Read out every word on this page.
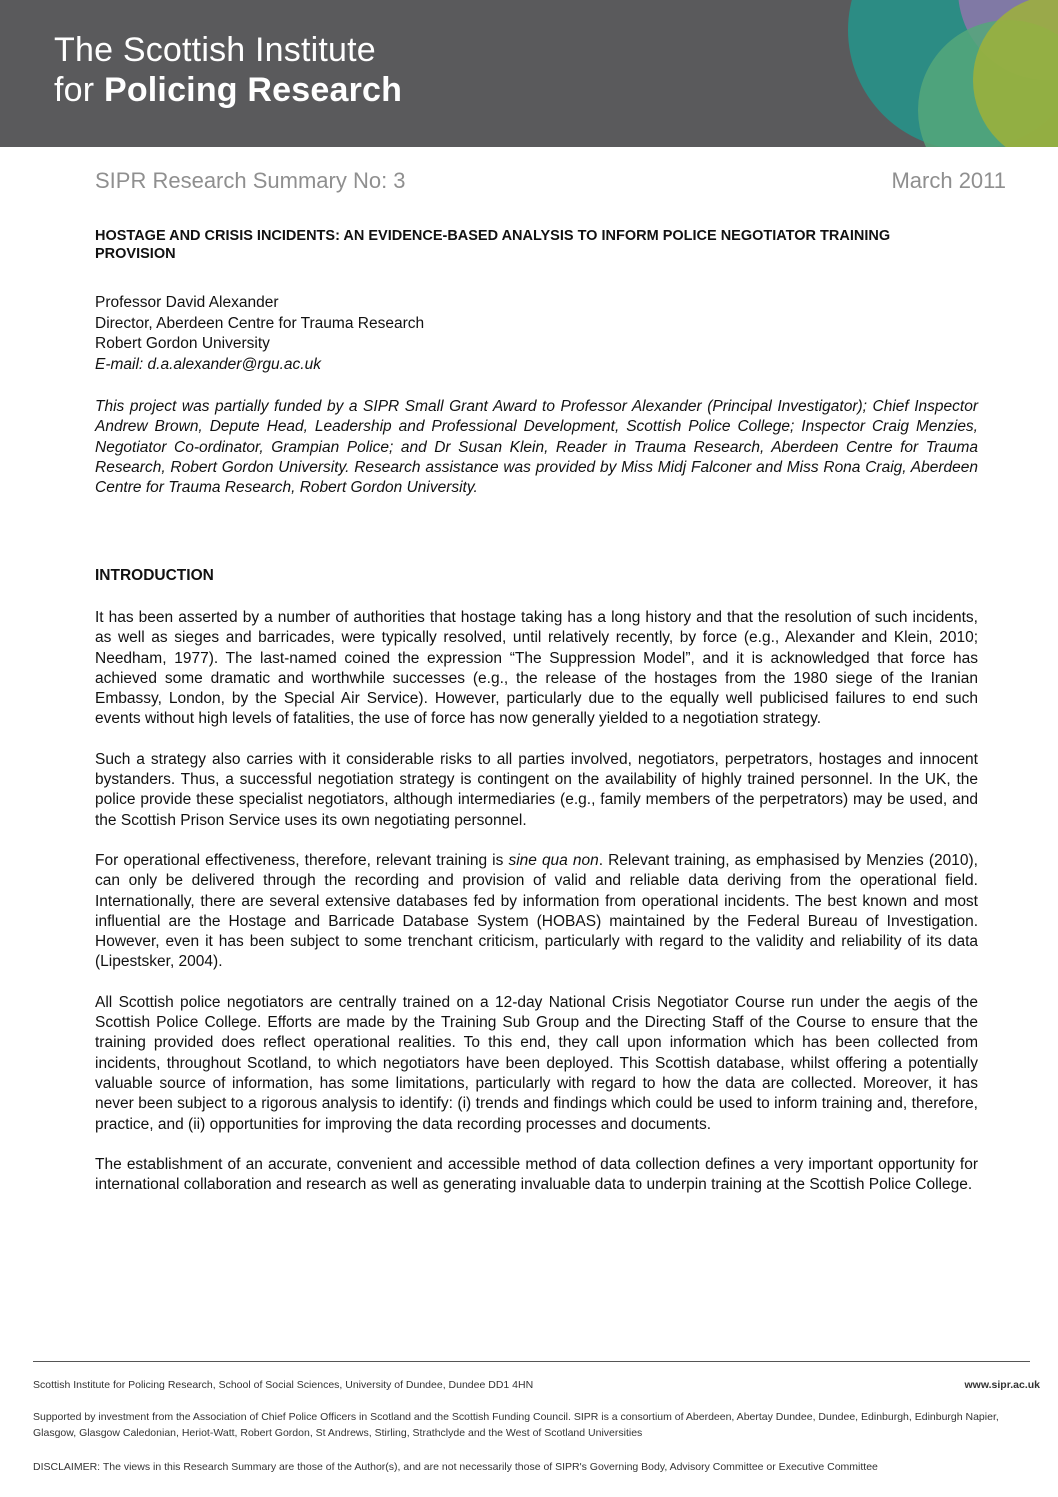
The Scottish Institute
for Policing Research
SIPR Research Summary No: 3	March 2011
HOSTAGE AND CRISIS INCIDENTS: AN EVIDENCE-BASED ANALYSIS TO INFORM POLICE NEGOTIATOR TRAINING PROVISION
Professor David Alexander
Director, Aberdeen Centre for Trauma Research
Robert Gordon University
E-mail: d.a.alexander@rgu.ac.uk
This project was partially funded by a SIPR Small Grant Award to Professor Alexander (Principal Investigator); Chief Inspector Andrew Brown, Depute Head, Leadership and Professional Development, Scottish Police College; Inspector Craig Menzies, Negotiator Co-ordinator, Grampian Police; and Dr Susan Klein, Reader in Trauma Research, Aberdeen Centre for Trauma Research, Robert Gordon University. Research assistance was provided by Miss Midj Falconer and Miss Rona Craig, Aberdeen Centre for Trauma Research, Robert Gordon University.
INTRODUCTION

It has been asserted by a number of authorities that hostage taking has a long history and that the resolution of such incidents, as well as sieges and barricades, were typically resolved, until relatively recently, by force (e.g., Alexander and Klein, 2010; Needham, 1977). The last-named coined the expression “The Suppression Model”, and it is acknowledged that force has achieved some dramatic and worthwhile successes (e.g., the release of the hostages from the 1980 siege of the Iranian Embassy, London, by the Special Air Service). However, particularly due to the equally well publicised failures to end such events without high levels of fatalities, the use of force has now generally yielded to a negotiation strategy.

Such a strategy also carries with it considerable risks to all parties involved, negotiators, perpetrators, hostages and innocent bystanders. Thus, a successful negotiation strategy is contingent on the availability of highly trained personnel. In the UK, the police provide these specialist negotiators, although intermediaries (e.g., family members of the perpetrators) may be used, and the Scottish Prison Service uses its own negotiating personnel.

For operational effectiveness, therefore, relevant training is sine qua non. Relevant training, as emphasised by Menzies (2010), can only be delivered through the recording and provision of valid and reliable data deriving from the operational field. Internationally, there are several extensive databases fed by information from operational incidents. The best known and most influential are the Hostage and Barricade Database System (HOBAS) maintained by the Federal Bureau of Investigation. However, even it has been subject to some trenchant criticism, particularly with regard to the validity and reliability of its data (Lipestsker, 2004).

All Scottish police negotiators are centrally trained on a 12-day National Crisis Negotiator Course run under the aegis of the Scottish Police College. Efforts are made by the Training Sub Group and the Directing Staff of the Course to ensure that the training provided does reflect operational realities. To this end, they call upon information which has been collected from incidents, throughout Scotland, to which negotiators have been deployed. This Scottish database, whilst offering a potentially valuable source of information, has some limitations, particularly with regard to how the data are collected. Moreover, it has never been subject to a rigorous analysis to identify: (i) trends and findings which could be used to inform training and, therefore, practice, and (ii) opportunities for improving the data recording processes and documents.

The establishment of an accurate, convenient and accessible method of data collection defines a very important opportunity for international collaboration and research as well as generating invaluable data to underpin training at the Scottish Police College.

Scottish Institute for Policing Research, School of Social Sciences, University of Dundee, Dundee DD1 4HN	www.sipr.ac.uk
Supported by investment from the Association of Chief Police Officers in Scotland and the Scottish Funding Council. SIPR is a consortium of Aberdeen, Abertay Dundee, Dundee, Edinburgh, Edinburgh Napier, Glasgow, Glasgow Caledonian, Heriot-Watt, Robert Gordon, St Andrews, Stirling, Strathclyde and the West of Scotland Universities
DISCLAIMER: The views in this Research Summary are those of the Author(s), and are not necessarily those of SIPR's Governing Body, Advisory Committee or Executive Committee
